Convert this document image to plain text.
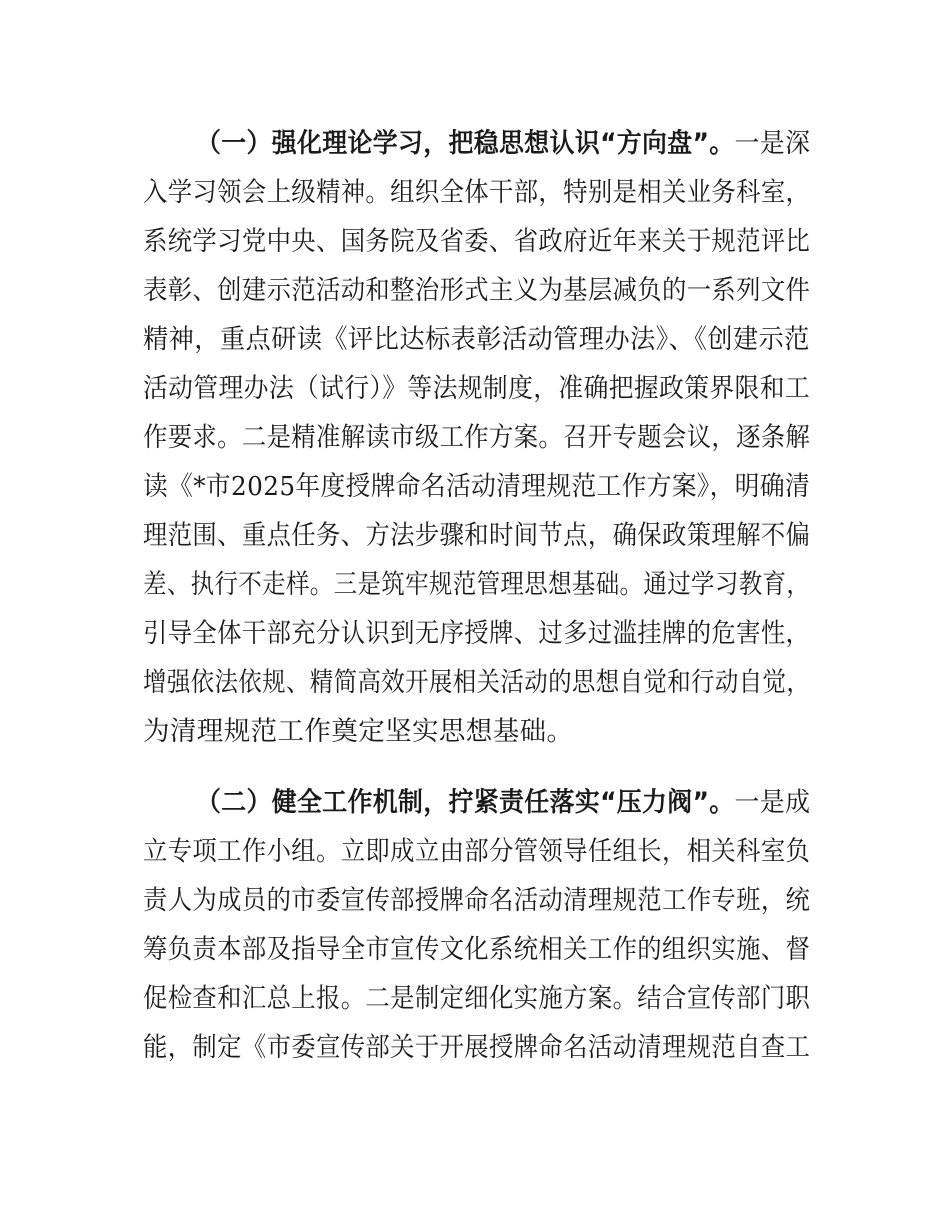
（一）强化理论学习，把稳思想认识“方向盘”。一是深
入学习领会上级精神。组织全体干部，特别是相关业务科室，
系统学习党中央、国务院及省委、省政府近年来关于规范评比
表彰、创建示范活动和整治形式主义为基层减负的一系列文件
精神，重点研读《评比达标表彰活动管理办法》、《创建示范
活动管理办法（试行）》等法规制度，准确把握政策界限和工
作要求。二是精准解读市级工作方案。召开专题会议，逐条解
读《*市2025年度授牌命名活动清理规范工作方案》，明确清
理范围、重点任务、方法步骤和时间节点，确保政策理解不偏
差、执行不走样。三是筑牢规范管理思想基础。通过学习教育，
引导全体干部充分认识到无序授牌、过多过滥挂牌的危害性，
增强依法依规、精简高效开展相关活动的思想自觉和行动自觉，
为清理规范工作奠定坚实思想基础。
（二）健全工作机制，拧紧责任落实“压力阀”。一是成
立专项工作小组。立即成立由部分管领导任组长，相关科室负
责人为成员的市委宣传部授牌命名活动清理规范工作专班，统
筹负责本部及指导全市宣传文化系统相关工作的组织实施、督
促检查和汇总上报。二是制定细化实施方案。结合宣传部门职
能，制定《市委宣传部关于开展授牌命名活动清理规范自查工
